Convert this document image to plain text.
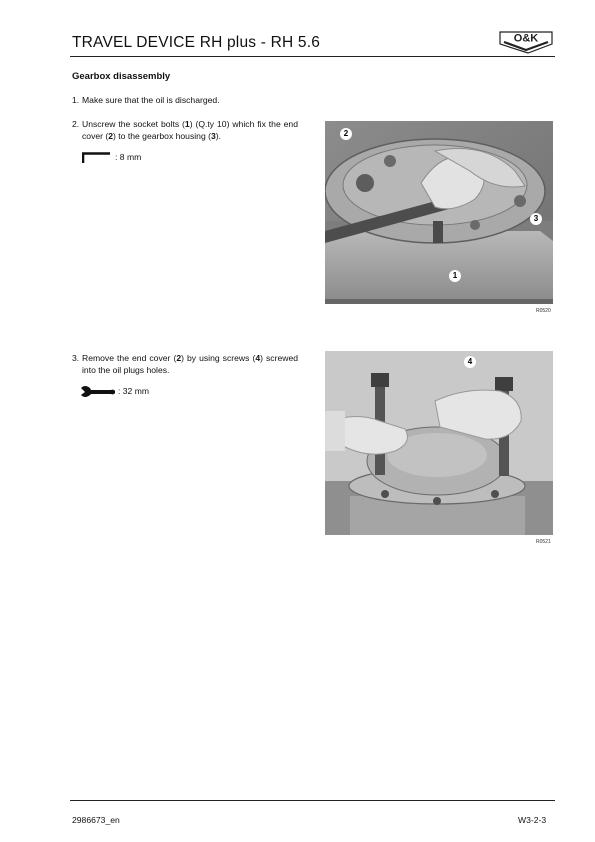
TRAVEL DEVICE RH plus - RH 5.6	O&K
Gearbox disassembly
1. Make sure that the oil is discharged.
2. Unscrew the socket bolts (1) (Q.ty 10) which fix the end cover (2) to the gearbox housing (3).
: 8 mm
2
3
1
R0520
3. Remove the end cover (2) by using screws (4) screwed into the oil plugs holes.
: 32 mm
4
R0521
2986673_en	W3-2-3
